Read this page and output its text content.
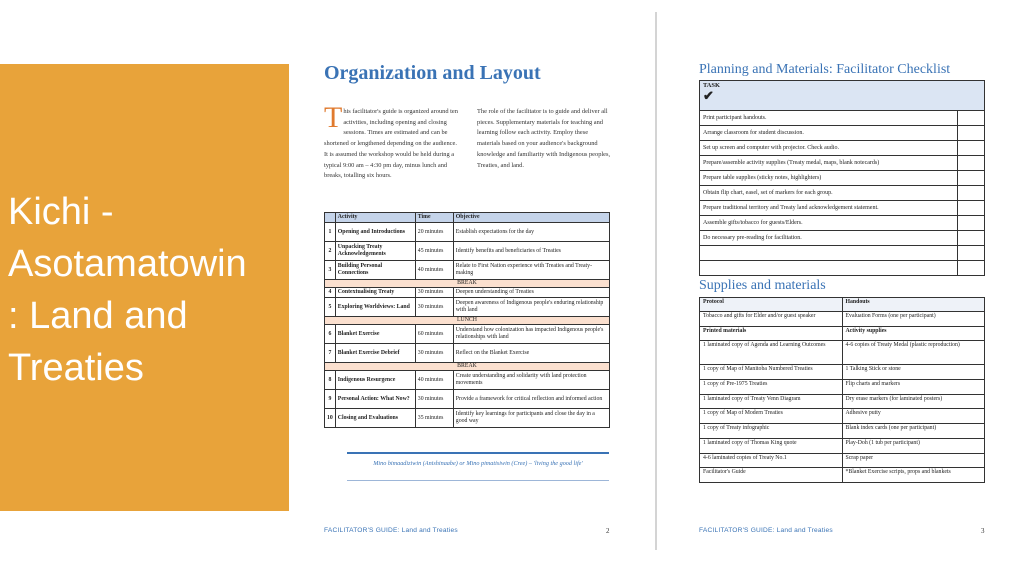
Kichi -
Asotamatowin
: Land and
Treaties
Organization and Layout
T his facilitator's guide is organized around ten activities, including opening and closing sessions. Times are estimated and can be shortened or lengthened depending on the audience. It is assumed the workshop would be held during a typical 9:00 am – 4:30 pm day, minus lunch and breaks, totalling six hours.
The role of the facilitator is to guide and deliver all pieces. Supplementary materials for teaching and learning follow each activity. Employ these materials based on your audience's background knowledge and familiarity with Indigenous peoples, Treaties, and land.
	Activity	Time	Objective
1	Opening and Introductions	20 minutes	Establish expectations for the day
2	Unpacking Treaty Acknowledgements	45 minutes	Identify benefits and beneficiaries of Treaties
3	Building Personal Connections	40 minutes	Relate to First Nation experience with Treaties and Treaty-making
BREAK			
4	Contextualising Treaty	30 minutes	Deepen understanding of Treaties
5	Exploring Worldviews: Land	30 minutes	Deepen awareness of Indigenous people's enduring relationship with land
LUNCH			
6	Blanket Exercise	60 minutes	Understand how colonization has impacted Indigenous people's relationships with land
7	Blanket Exercise Debrief	30 minutes	Reflect on the Blanket Exercise
BREAK			
8	Indigenous Resurgence	40 minutes	Create understanding and solidarity with land protection movements
9	Personal Action: What Now?	30 minutes	Provide a framework for critical reflection and informed action
10	Closing and Evaluations	35 minutes	Identify key learnings for participants and close the day in a good way
Mino bimaadiziwin (Anishinaabe) or Mino pimatisiwin (Cree) – 'living the good life'
FACILITATOR'S GUIDE: Land and Treaties	2
Planning and Materials: Facilitator Checklist
TASK
✔	

Print participant handouts.	
Arrange classroom for student discussion.	
Set up screen and computer with projector. Check audio.	
Prepare/assemble activity supplies (Treaty medal, maps, blank notecards)	
Prepare table supplies (sticky notes, highlighters)	
Obtain flip chart, easel, set of markers for each group.	
Prepare traditional territory and Treaty land acknowledgement statement.	
Assemble gifts/tobacco for guests/Elders.	
Do necessary pre-reading for facilitation.	

Supplies and materials
Protocol	Handouts
Tobacco and gifts for Elder and/or guest speaker	Evaluation Forms (one per participant)
Printed materials	Activity supplies
1 laminated copy of Agenda and Learning Outcomes	4-6 copies of Treaty Medal (plastic reproduction)
1 copy of Map of Manitoba Numbered Treaties	1 Talking Stick or stone
1 copy of Pre-1975 Treaties	Flip charts and markers
1 laminated copy of Treaty Venn Diagram	Dry erase markers (for laminated posters)
1 copy of Map of Modern Treaties	Adhesive putty
1 copy of Treaty infographic	Blank index cards (one per participant)
1 laminated copy of Thomas King quote	Play-Doh (1 tub per participant)
4-6 laminated copies of Treaty No.1	Scrap paper
Facilitator's Guide	*Blanket Exercise scripts, props and blankets
FACILITATOR'S GUIDE: Land and Treaties	3
